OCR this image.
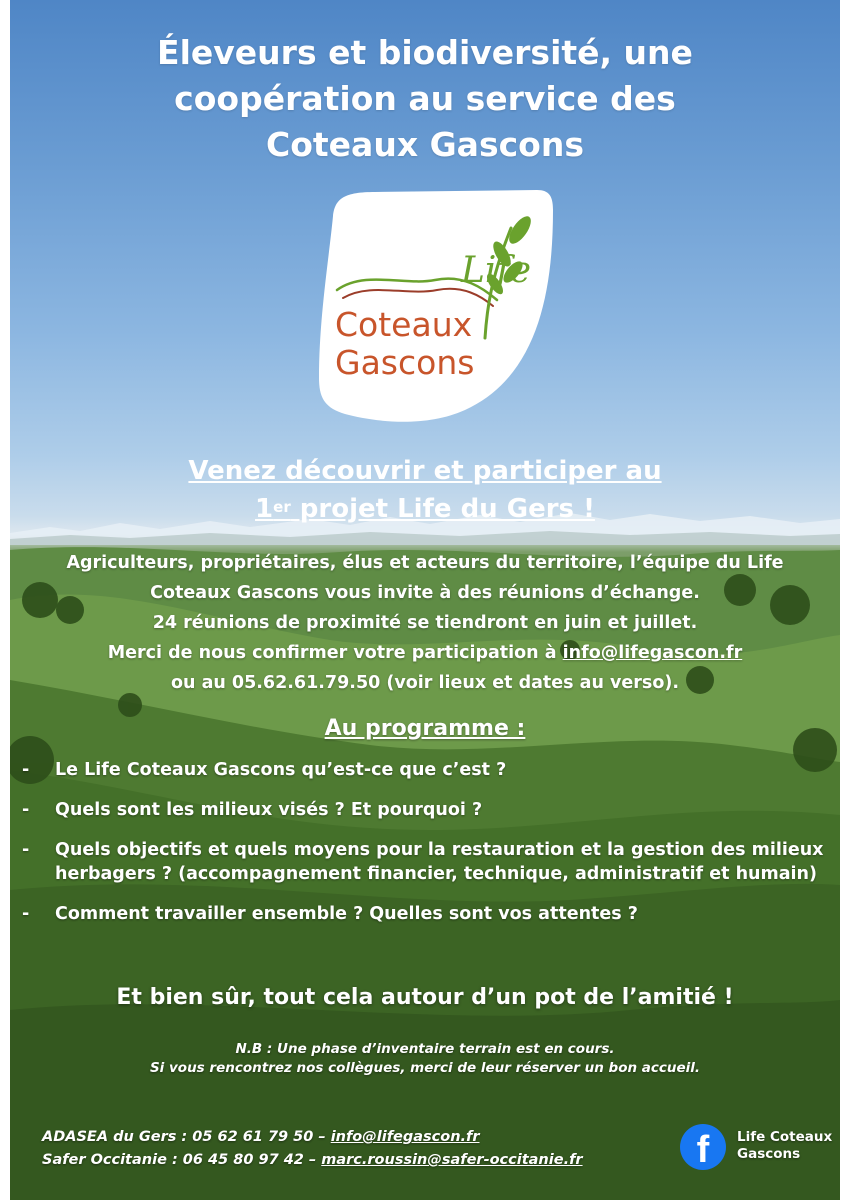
Éleveurs et biodiversité, une
coopération au service des
Coteaux Gascons
Life
Coteaux
Gascons
Venez découvrir et participer au
1er projet Life du Gers !
Agriculteurs, propriétaires, élus et acteurs du territoire, l’équipe du Life
Coteaux Gascons vous invite à des réunions d’échange.
24 réunions de proximité se tiendront en juin et juillet.
Merci de nous confirmer votre participation à info@lifegascon.fr
ou au 05.62.61.79.50 (voir lieux et dates au verso).
Au programme :
- Le Life Coteaux Gascons qu’est-ce que c’est ?
- Quels sont les milieux visés ? Et pourquoi ?
- Quels objectifs et quels moyens pour la restauration et la gestion des milieux herbagers ? (accompagnement financier, technique, administratif et humain)
- Comment travailler ensemble ? Quelles sont vos attentes ?
Et bien sûr, tout cela autour d’un pot de l’amitié !
N.B : Une phase d’inventaire terrain est en cours.
Si vous rencontrez nos collègues, merci de leur réserver un bon accueil.
ADASEA du Gers : 05 62 61 79 50 – info@lifegascon.fr
Safer Occitanie : 06 45 80 97 42 – marc.roussin@safer-occitanie.fr	f	Life Coteaux
Gascons
